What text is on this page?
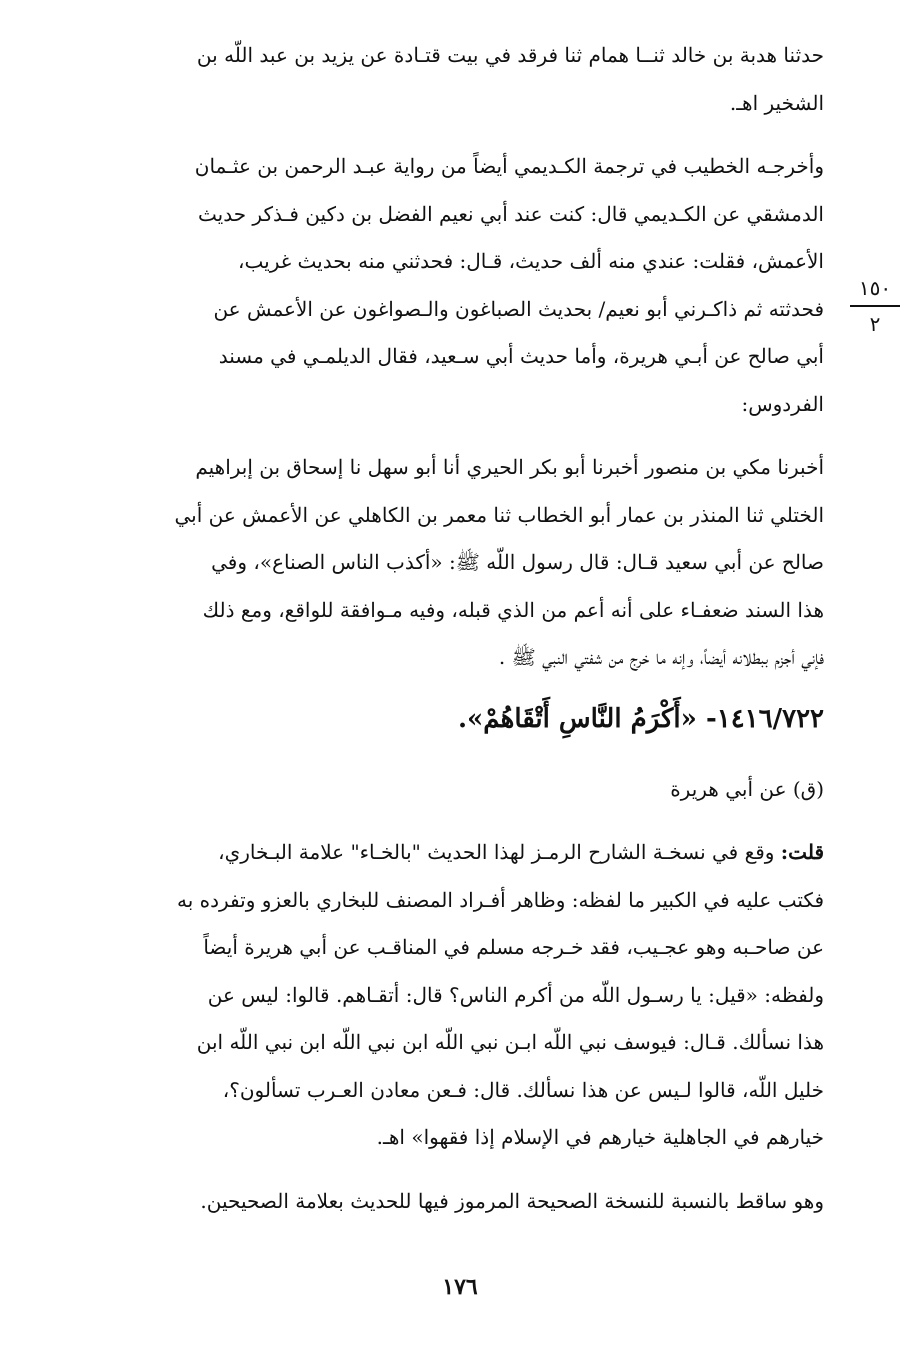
حدثنا هدبة بن خالد ثنــا همام ثنا فرقد في بيت قتـادة عن يزيد بن عبد اللّه بن

الشخير اهـ.

وأخرجـه الخطيب في ترجمة الكـديمي أيضاً من رواية عبـد الرحمن بن عثـمان

الدمشقي عن الكـديمي قال: كنت عند أبي نعيم الفضل بن دكين فـذكر حديث

الأعمش، فقلت: عندي منه ألف حديث، قـال: فحدثني منه بحديث غريب،

فحدثته ثم ذاكـرني أبو نعيم/ بحديث الصباغون والـصواغون عن الأعمش عن

أبي صالح عن أبـي هريرة، وأما حديث أبي سـعيد، فقال الديلمـي في مسند

الفردوس:

أخبرنا مكي بن منصور أخبرنا أبو بكر الحيري أنا أبو سهل نا إسحاق بن إبراهيم

الختلي ثنا المنذر بن عمار أبو الخطاب ثنا معمر بن الكاهلي عن الأعمش عن أبي

صالح عن أبي سعيد قـال: قال رسول اللّه ﷺ: «أكذب الناس الصناع»، وفي

هذا السند ضعفـاء على أنه أعم من الذي قبله، وفيه مـوافقة للواقع، ومع ذلك

فإني أجزم ببطلانه أيضاً، وإنه ما خرج من شفتي النبي ﷺ .

١٤١٦/٧٢٢- «أَكْرَمُ النَّاسِ أَتْقَاهُمْ».
(ق) عن أبي هريرة

قلت: وقع في نسخـة الشارح الرمـز لهذا الحديث "بالخـاء" علامة البـخاري،

فكتب عليه في الكبير ما لفظه: وظاهر أفـراد المصنف للبخاري بالعزو وتفرده به

عن صاحـبه وهو عجـيب، فقد خـرجه مسلم في المناقـب عن أبي هريرة أيضاً

ولفظه: «قيل: يا رسـول اللّه من أكرم الناس؟ قال: أتقـاهم. قالوا: ليس عن

هذا نسألك. قـال: فيوسف نبي اللّه ابـن نبي اللّه ابن نبي اللّه ابن نبي اللّه ابن

خليل اللّه، قالوا لـيس عن هذا نسألك. قال: فـعن معادن العـرب تسألون؟،

خيارهم في الجاهلية خيارهم في الإسلام إذا فقهوا» اهـ.

وهو ساقط بالنسبة للنسخة الصحيحة المرموز فيها للحديث بعلامة الصحيحين.

١٥٠
٢
١٧٦
